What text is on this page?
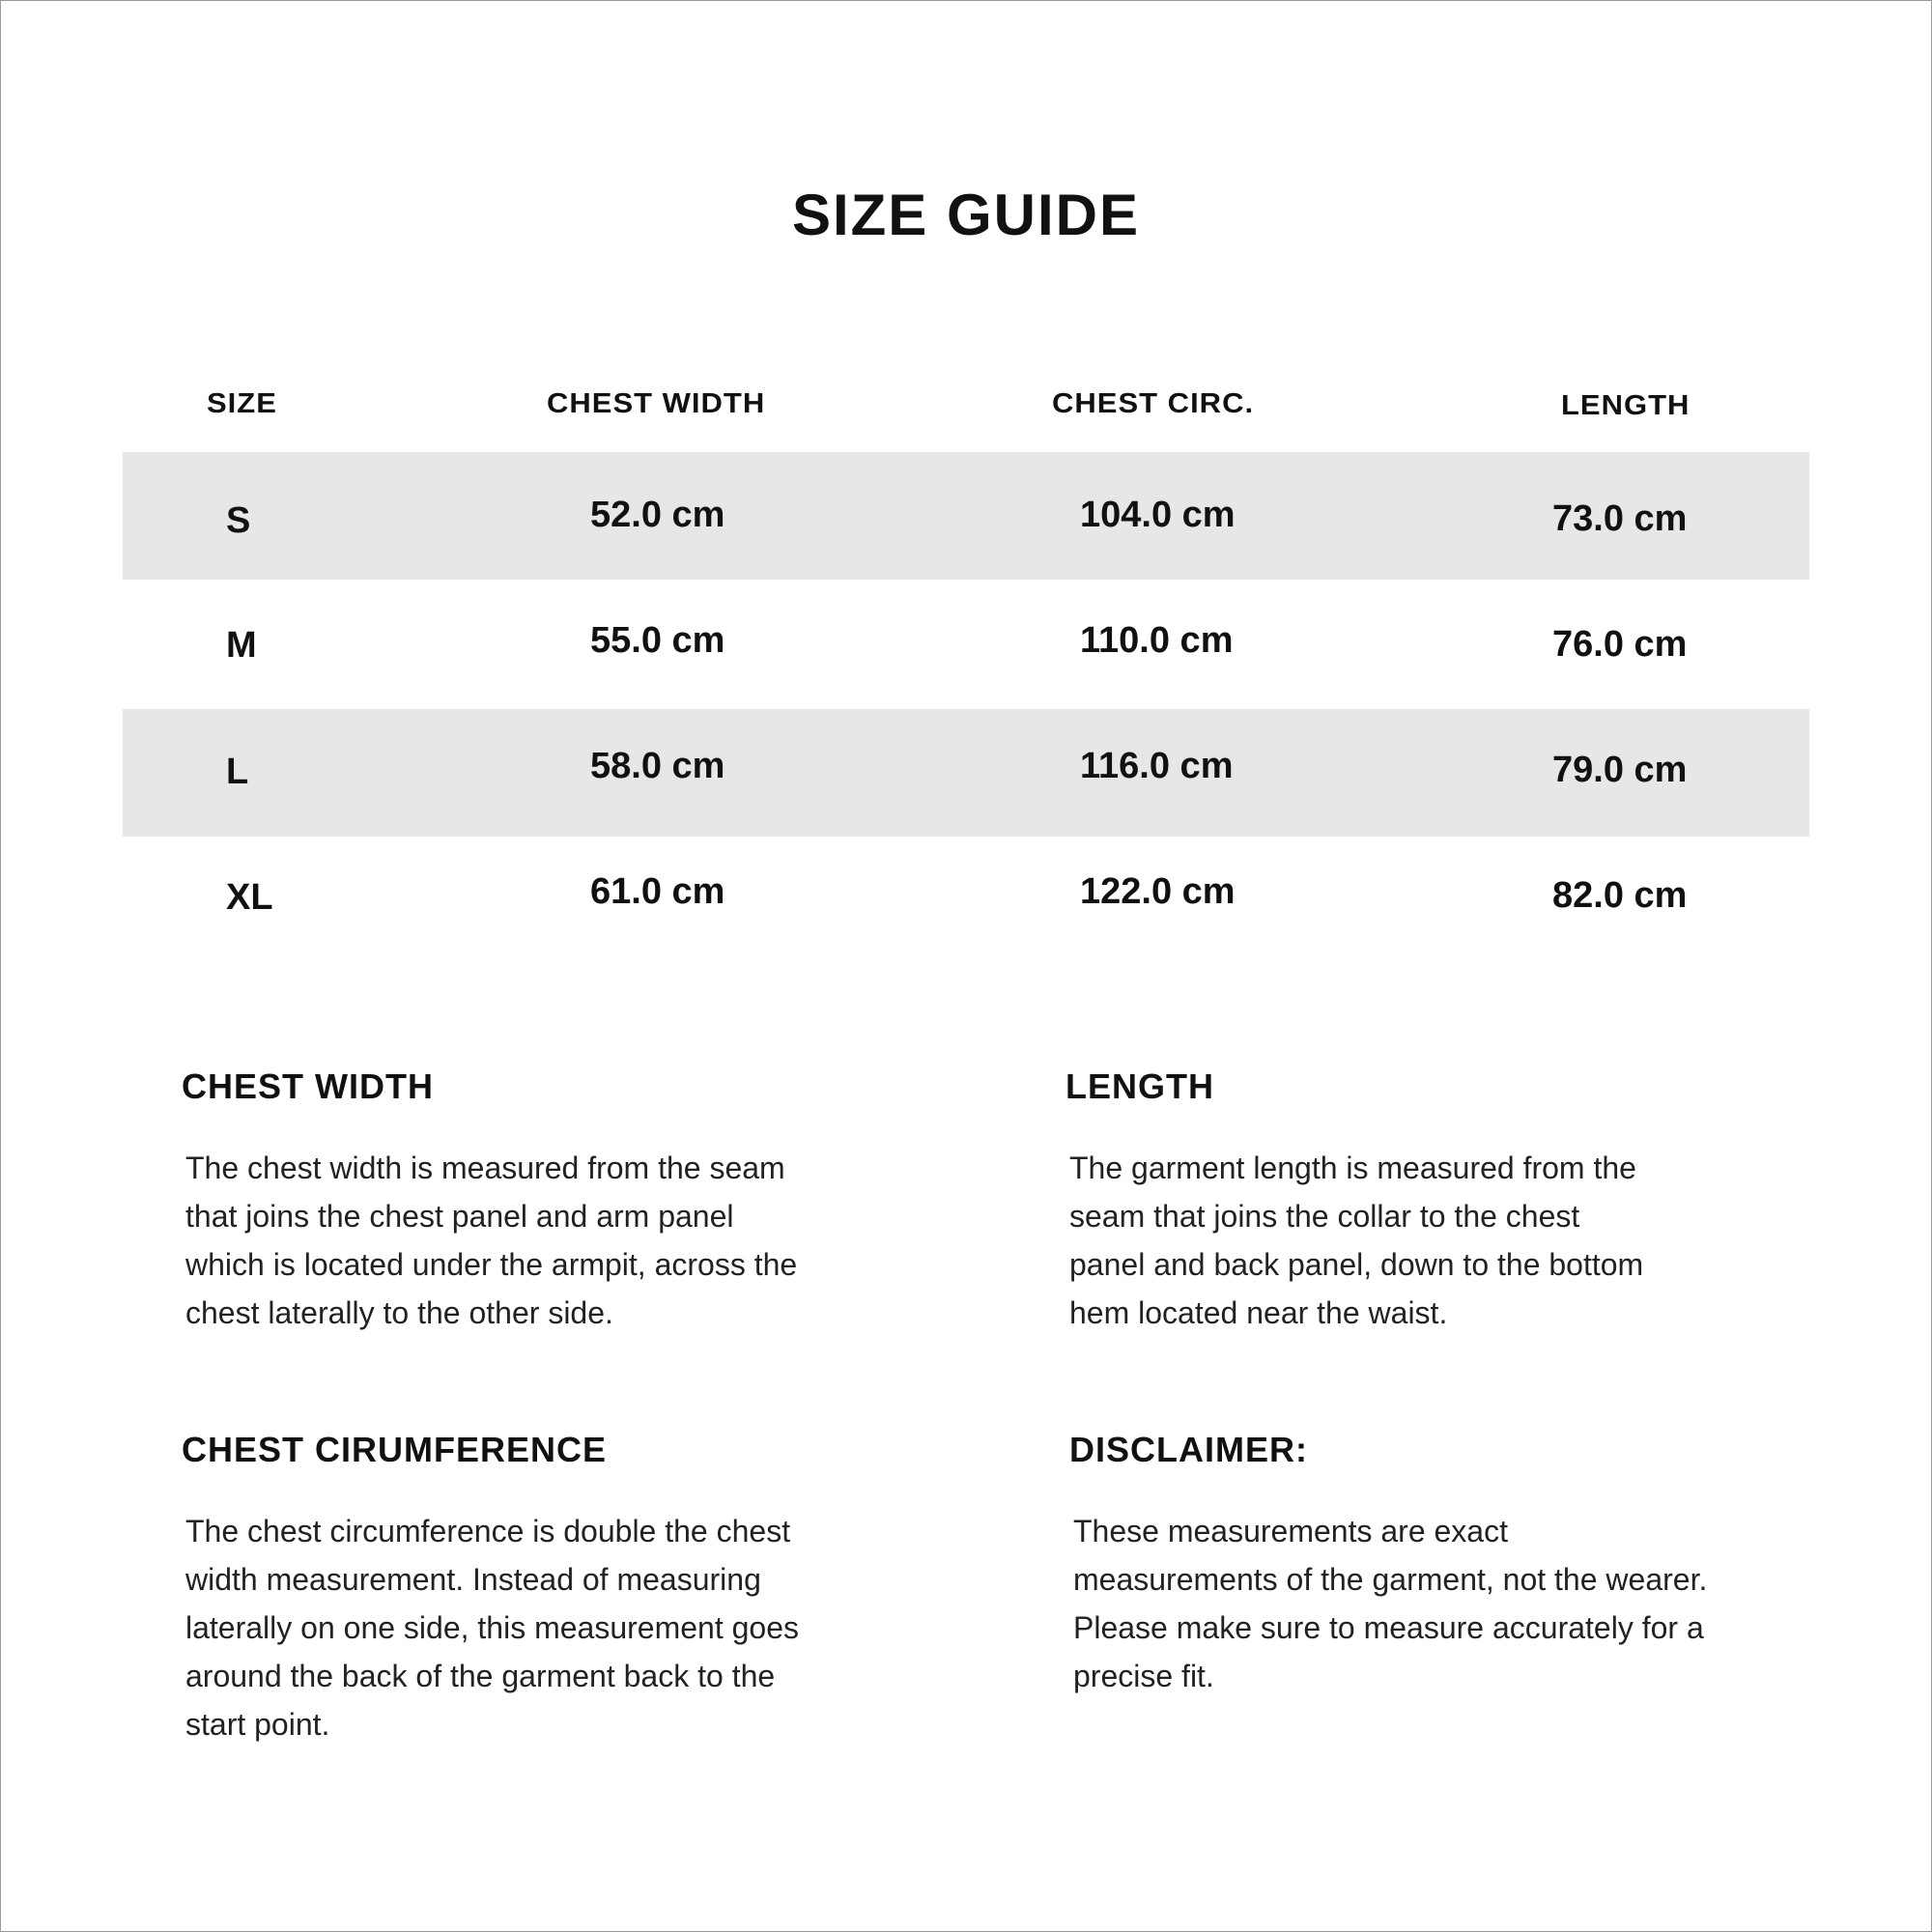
SIZE GUIDE
SIZE	CHEST WIDTH	CHEST CIRC.	LENGTH
S	52.0 cm	104.0 cm	73.0 cm
M	55.0 cm	110.0 cm	76.0 cm
L	58.0 cm	116.0 cm	79.0 cm
XL	61.0 cm	122.0 cm	82.0 cm
CHEST WIDTH
The chest width is measured from the seam
that joins the chest panel and arm panel
which is located under the armpit, across the
chest laterally to the other side.
LENGTH
The garment length is measured from the
seam that joins the collar to the chest
panel and back panel, down to the bottom
hem located near the waist.
CHEST CIRUMFERENCE
The chest circumference is double the chest
width measurement. Instead of measuring
laterally on one side, this measurement goes
around the back of the garment back to the
start point.
DISCLAIMER:
These measurements are exact
measurements of the garment, not the wearer.
Please make sure to measure accurately for a
precise fit.
